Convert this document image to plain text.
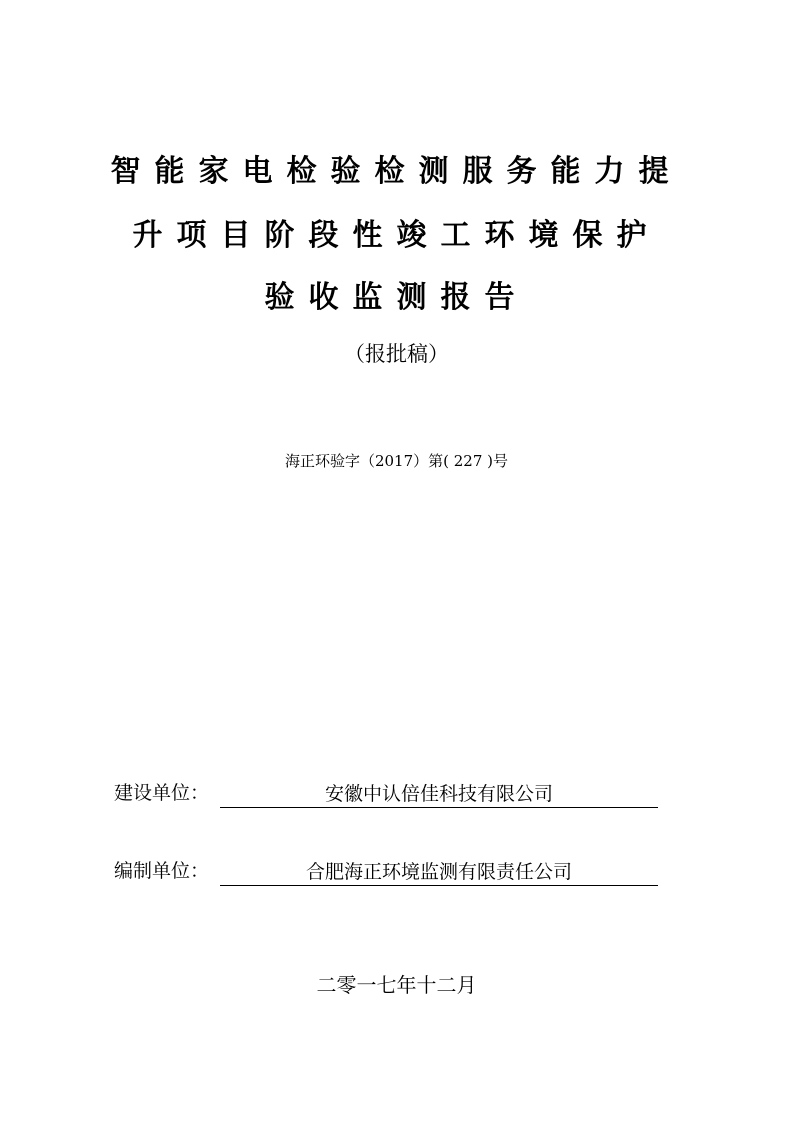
智能家电检验检测服务能力提
升项目阶段性竣工环境保护
验收监测报告
（报批稿）
海正环验字（2017）第( 227 )号
建设单位：	安徽中认倍佳科技有限公司
编制单位：	合肥海正环境监测有限责任公司
二零一七年十二月
